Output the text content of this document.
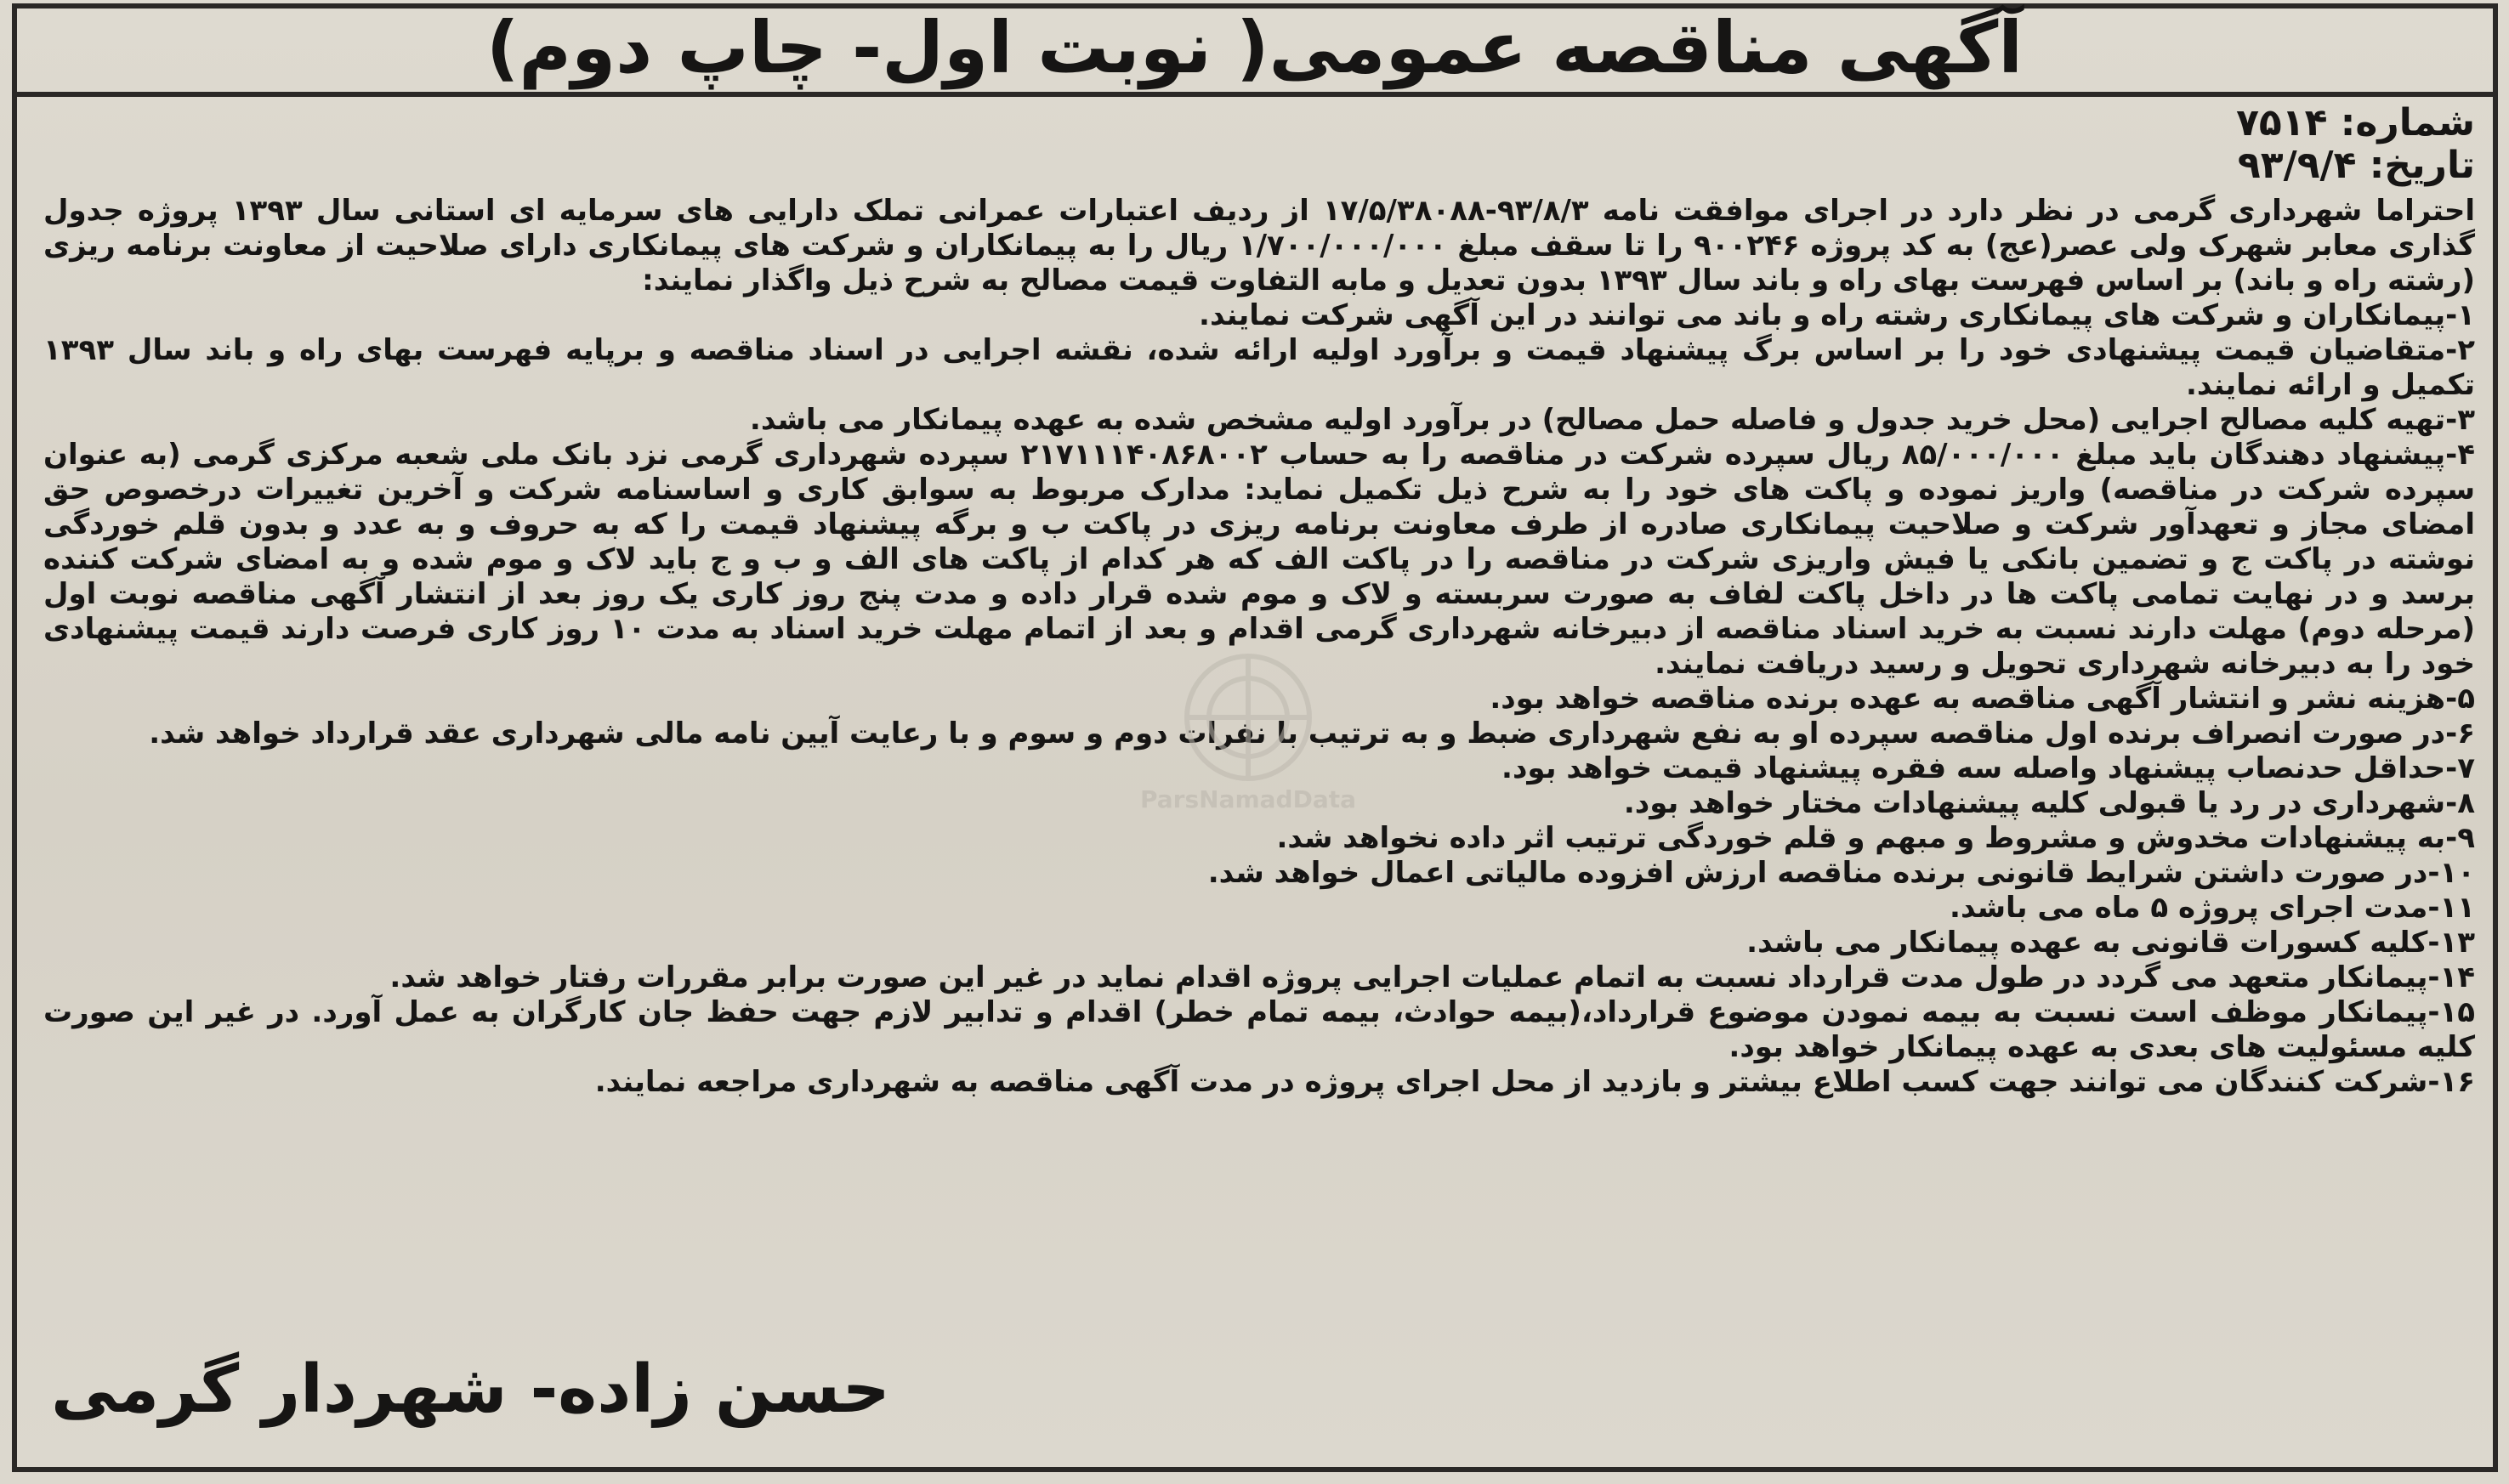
آگهی مناقصه عمومی( نوبت اول- چاپ دوم)
شماره: ۷۵۱۴
تاریخ: ۹۳/۹/۴

احتراما شهرداری گرمی در نظر دارد در اجرای موافقت نامه ۹۳/۸/۳-۱۷/۵/۳۸۰۸۸ از ردیف اعتبارات عمرانی تملک دارایی های سرمایه ای استانی سال ۱۳۹۳ پروژه جدول گذاری معابر شهرک ولی عصر(عج) به کد پروژه ۹۰۰۲۴۶ را تا سقف مبلغ ۱/۷۰۰/۰۰۰/۰۰۰ ریال را به پیمانکاران و شرکت های پیمانکاری دارای صلاحیت از معاونت برنامه ریزی (رشته راه و باند) بر اساس فهرست بهای راه و باند سال ۱۳۹۳ بدون تعدیل و مابه التفاوت قیمت مصالح به شرح ذیل واگذار نمایند:

۱-پیمانکاران و شرکت های پیمانکاری رشته راه و باند می توانند در این آگهی شرکت نمایند.

۲-متقاضیان قیمت پیشنهادی خود را بر اساس برگ پیشنهاد قیمت و برآورد اولیه ارائه شده، نقشه اجرایی در اسناد مناقصه و برپایه فهرست بهای راه و باند سال ۱۳۹۳ تکمیل و ارائه نمایند.

۳-تهیه کلیه مصالح اجرایی (محل خرید جدول و فاصله حمل مصالح) در برآورد اولیه مشخص شده به عهده پیمانکار می باشد.

۴-پیشنهاد دهندگان باید مبلغ ۸۵/۰۰۰/۰۰۰ ریال سپرده شرکت در مناقصه را به حساب ۲۱۷۱۱۱۴۰۸۶۸۰۰۲ سپرده شهرداری گرمی نزد بانک ملی شعبه مرکزی گرمی (به عنوان سپرده شرکت در مناقصه) واریز نموده و پاکت های خود را به شرح ذیل تکمیل نماید: مدارک مربوط به سوابق کاری و اساسنامه شرکت و آخرین تغییرات درخصوص حق امضای مجاز و تعهدآور شرکت و صلاحیت پیمانکاری صادره از طرف معاونت برنامه ریزی در پاکت ب و برگه پیشنهاد قیمت را که به حروف و به عدد و بدون قلم خوردگی نوشته در پاکت ج و تضمین بانکی یا فیش واریزی شرکت در مناقصه را در پاکت الف که هر کدام از پاکت های الف و ب و ج باید لاک و موم شده و به امضای شرکت کننده برسد و در نهایت تمامی پاکت ها در داخل پاکت لفاف به صورت سربسته و لاک و موم شده قرار داده و مدت پنج روز کاری یک روز بعد از انتشار آگهی مناقصه نوبت اول (مرحله دوم) مهلت دارند نسبت به خرید اسناد مناقصه از دبیرخانه شهرداری گرمی اقدام و بعد از اتمام مهلت خرید اسناد به مدت ۱۰ روز کاری فرصت دارند قیمت پیشنهادی خود را به دبیرخانه شهرداری تحویل و رسید دریافت نمایند.

۵-هزینه نشر و انتشار آگهی مناقصه به عهده برنده مناقصه خواهد بود.

۶-در صورت انصراف برنده اول مناقصه سپرده او به نفع شهرداری ضبط و به ترتیب با نفرات دوم و سوم و با رعایت آیین نامه مالی شهرداری عقد قرارداد خواهد شد.

۷-حداقل حدنصاب پیشنهاد واصله سه فقره پیشنهاد قیمت خواهد بود.

۸-شهرداری در رد یا قبولی کلیه پیشنهادات مختار خواهد بود.

۹-به پیشنهادات مخدوش و مشروط و مبهم و قلم خوردگی ترتیب اثر داده نخواهد شد.

۱۰-در صورت داشتن شرایط قانونی برنده مناقصه ارزش افزوده مالیاتی اعمال خواهد شد.

۱۱-مدت اجرای پروژه ۵ ماه می باشد.

۱۳-کلیه کسورات قانونی به عهده پیمانکار می باشد.

۱۴-پیمانکار متعهد می گردد در طول مدت قرارداد نسبت به اتمام عملیات اجرایی پروژه اقدام نماید در غیر این صورت برابر مقررات رفتار خواهد شد.

۱۵-پیمانکار موظف است نسبت به بیمه نمودن موضوع قرارداد،(بیمه حوادث، بیمه تمام خطر) اقدام و تدابیر لازم جهت حفظ جان کارگران به عمل آورد. در غیر این صورت کلیه مسئولیت های بعدی به عهده پیمانکار خواهد بود.

۱۶-شرکت کنندگان می توانند جهت کسب اطلاع بیشتر و بازدید از محل اجرای پروژه در مدت آگهی مناقصه به شهرداری مراجعه نمایند.

ParsNamadData
حسن زاده- شهردار گرمی
